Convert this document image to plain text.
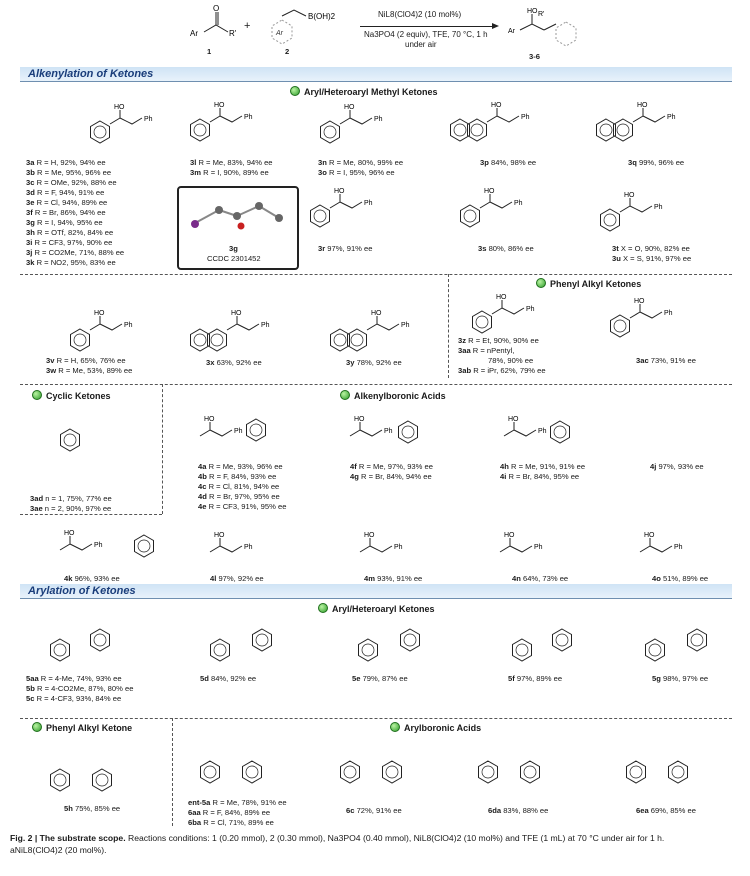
Ar	R'
O
1
+
Ar
B(OH)2
2
NiL8(ClO4)2 (10 mol%)
Na3PO4 (2 equiv), TFE, 70 °C, 1 h
under air
Ar
HO R'
3-6
Alkenylation of Ketones
Arylation of Ketones
Aryl/Heteroaryl Methyl Ketones
Phenyl Alkyl Ketones
Cyclic Ketones	Alkenylboronic Acids
Aryl/Heteroaryl Ketones
Phenyl Alkyl Ketone	Arylboronic Acids
3g
CCDC 2301452
3a R = H, 92%, 94% ee
3b R = Me, 95%, 96% ee
3c R = OMe, 92%, 88% ee
3d R = F, 94%, 91% ee
3e R = Cl, 94%, 89% ee
3f R = Br, 86%, 94% ee
3g R = I, 94%, 95% ee
3h R = OTf, 82%, 84% ee
3i R = CF3, 97%, 90% ee
3j R = CO2Me, 71%, 88% ee
3k R = NO2, 95%, 83% ee
3l R = Me, 83%, 94% ee
3m R = I, 90%, 89% ee
3n R = Me, 80%, 99% ee
3o R = I, 95%, 96% ee
3p 84%, 98% ee	3q 99%, 96% ee
3r 97%, 91% ee	3s 80%, 86% ee	3t X = O, 90%, 82% ee
3u X = S, 91%, 97% ee
3v R = H, 65%, 76% ee
3w R = Me, 53%, 89% ee
3x 63%, 92% ee	3y 78%, 92% ee
3z R = Et, 90%, 90% ee
3aa R = nPentyl,
78%, 90% ee
3ab R = iPr, 62%, 79% ee
3ac 73%, 91% ee
3ad n = 1, 75%, 77% ee
3ae n = 2, 90%, 97% ee
4a R = Me, 93%, 96% ee
4b R = F, 84%, 93% ee
4c R = Cl, 81%, 94% ee
4d R = Br, 97%, 95% ee
4e R = CF3, 91%, 95% ee
4f R = Me, 97%, 93% ee
4g R = Br, 84%, 94% ee
4h R = Me, 91%, 91% ee
4i R = Br, 84%, 95% ee
4j 97%, 93% ee
4k 96%, 93% ee	4l 97%, 92% ee	4m 93%, 91% ee	4n 64%, 73% ee	4o 51%, 89% ee
5aa R = 4-Me, 74%, 93% ee
5b R = 4-CO2Me, 87%, 80% ee
5c R = 4-CF3, 93%, 84% ee
5d 84%, 92% ee	5e 79%, 87% ee	5f 97%, 89% ee	5g 98%, 97% ee
5h 75%, 85% ee
ent-5a R = Me, 78%, 91% ee
6aa R = F, 84%, 89% ee
6ba R = Cl, 71%, 89% ee
6c 72%, 91% ee	6da 83%, 88% ee	6ea 69%, 85% ee
Fig. 2 | The substrate scope. Reactions conditions: 1 (0.20 mmol), 2 (0.30 mmol), Na3PO4 (0.40 mmol), NiL8(ClO4)2 (10 mol%) and TFE (1 mL) at 70 °C under air for 1 h.
aNiL8(ClO4)2 (20 mol%).
